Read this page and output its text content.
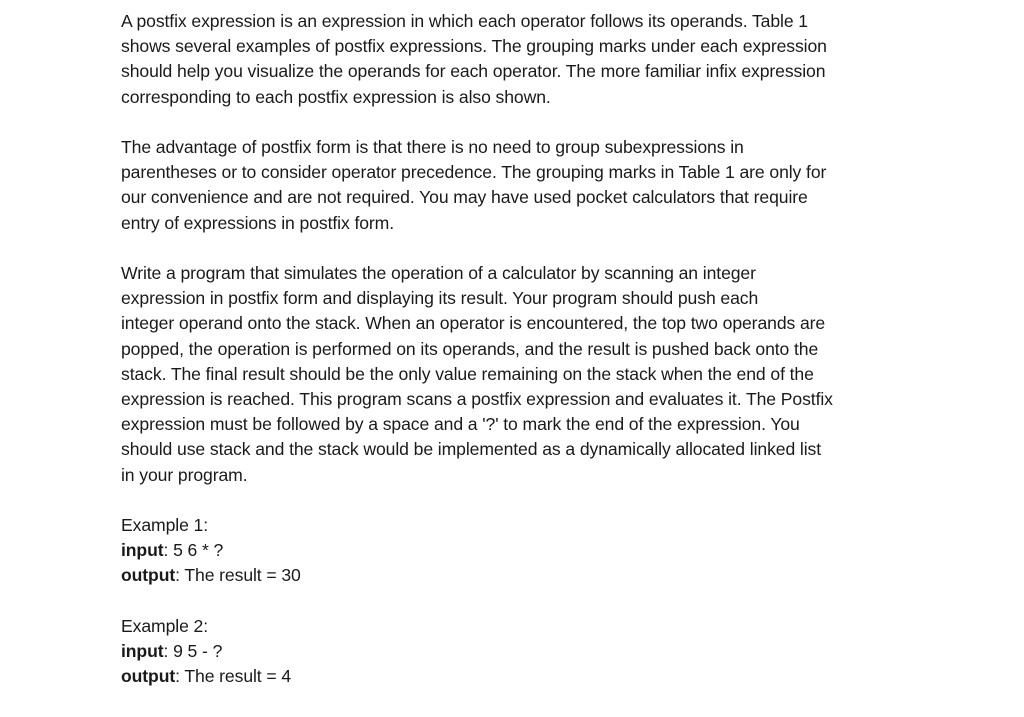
A postfix expression is an expression in which each operator follows its operands. Table 1
shows several examples of postfix expressions. The grouping marks under each expression
should help you visualize the operands for each operator. The more familiar infix expression
corresponding to each postfix expression is also shown.
The advantage of postfix form is that there is no need to group subexpressions in
parentheses or to consider operator precedence. The grouping marks in Table 1 are only for
our convenience and are not required. You may have used pocket calculators that require
entry of expressions in postfix form.
Write a program that simulates the operation of a calculator by scanning an integer
expression in postfix form and displaying its result. Your program should push each
integer operand onto the stack. When an operator is encountered, the top two operands are
popped, the operation is performed on its operands, and the result is pushed back onto the
stack. The final result should be the only value remaining on the stack when the end of the
expression is reached. This program scans a postfix expression and evaluates it. The Postfix
expression must be followed by a space and a '?' to mark the end of the expression. You
should use stack and the stack would be implemented as a dynamically allocated linked list
in your program.
Example 1:
input: 5 6 * ?
output: The result = 30
Example 2:
input: 9 5 - ?
output: The result = 4
